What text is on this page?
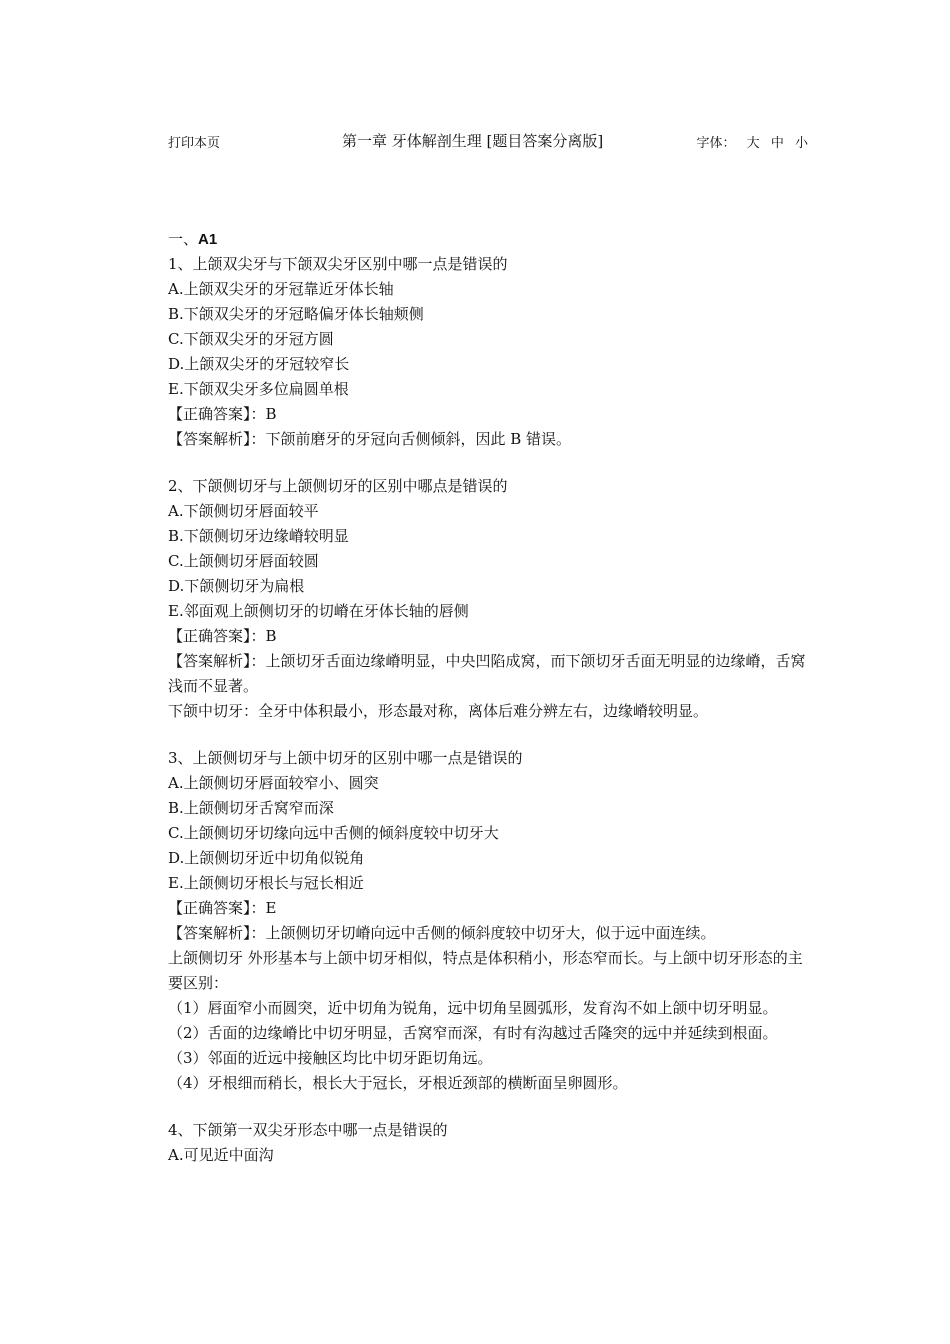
打印本页	第一章 牙体解剖生理 [题目答案分离版]	字体： 大 中 小

一、A1

1、上颌双尖牙与下颌双尖牙区别中哪一点是错误的

A.上颌双尖牙的牙冠靠近牙体长轴

B.下颌双尖牙的牙冠略偏牙体长轴颊侧

C.下颌双尖牙的牙冠方圆

D.上颌双尖牙的牙冠较窄长

E.下颌双尖牙多位扁圆单根

【正确答案】：B

【答案解析】：下颌前磨牙的牙冠向舌侧倾斜，因此 B 错误。

2、下颌侧切牙与上颌侧切牙的区别中哪点是错误的

A.下颌侧切牙唇面较平

B.下颌侧切牙边缘嵴较明显

C.上颌侧切牙唇面较圆

D.下颌侧切牙为扁根

E.邻面观上颌侧切牙的切嵴在牙体长轴的唇侧

【正确答案】：B

【答案解析】：上颌切牙舌面边缘嵴明显，中央凹陷成窝，而下颌切牙舌面无明显的边缘嵴，舌窝浅而不显著。

下颌中切牙：全牙中体积最小，形态最对称，离体后难分辨左右，边缘嵴较明显。

3、上颌侧切牙与上颌中切牙的区别中哪一点是错误的

A.上颌侧切牙唇面较窄小、圆突

B.上颌侧切牙舌窝窄而深

C.上颌侧切牙切缘向远中舌侧的倾斜度较中切牙大

D.上颌侧切牙近中切角似锐角

E.上颌侧切牙根长与冠长相近

【正确答案】：E

【答案解析】：上颌侧切牙切嵴向远中舌侧的倾斜度较中切牙大，似于远中面连续。

上颌侧切牙 外形基本与上颌中切牙相似，特点是体积稍小，形态窄而长。与上颌中切牙形态的主要区别：

（1）唇面窄小而圆突，近中切角为锐角，远中切角呈圆弧形，发育沟不如上颌中切牙明显。

（2）舌面的边缘嵴比中切牙明显，舌窝窄而深，有时有沟越过舌隆突的远中并延续到根面。

（3）邻面的近远中接触区均比中切牙距切角远。

（4）牙根细而稍长，根长大于冠长，牙根近颈部的横断面呈卵圆形。

4、下颌第一双尖牙形态中哪一点是错误的

A.可见近中面沟
